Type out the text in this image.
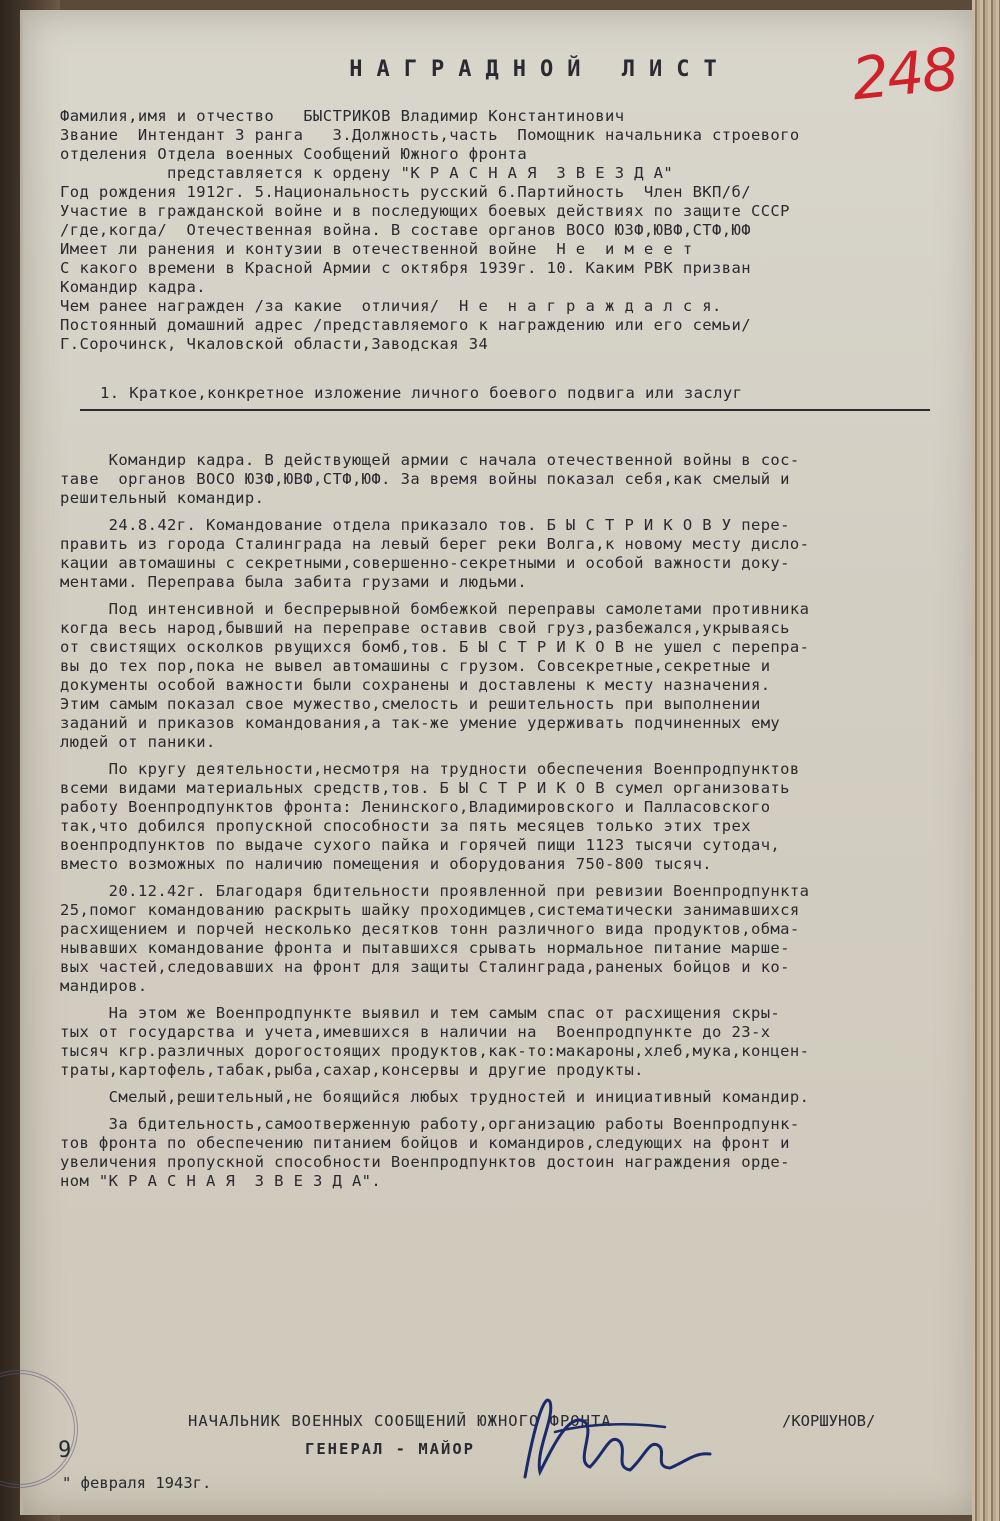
248
НАГРАДНОЙ ЛИСТ
Фамилия,имя и отчество   БЫСТРИКОВ Владимир Константинович
Звание  Интендант 3 ранга   3.Должность,часть  Помощник начальника строевого
отделения Отдела военных Сообщений Южного фронта
представляется к ордену "К Р А С Н А Я  З В Е З Д А"
Год рождения 1912г. 5.Национальность русский 6.Партийность  Член ВКП/б/
Участие в гражданской войне и в последующих боевых действиях по защите СССР
/где,когда/  Отечественная война. В составе органов ВОСО ЮЗФ,ЮВФ,СТФ,ЮФ
Имеет ли ранения и контузии в отечественной войне  Н е  и м е е т
С какого времени в Красной Армии с октября 1939г. 10. Каким РВК призван
Командир кадра.
Чем ранее награжден /за какие  отличия/  Н е  н а г р а ж д а л с я.
Постоянный домашний адрес /представляемого к награждению или его семьи/
Г.Сорочинск, Чкаловской области,Заводская 34
1. Краткое,конкретное изложение личного боевого подвига или заслуг
Командир кадра. В действующей армии с начала отечественной войны в сос-
таве  органов ВОСО ЮЗФ,ЮВФ,СТФ,ЮФ. За время войны показал себя,как смелый и
решительный командир.
24.8.42г. Командование отдела приказало тов. Б Ы С Т Р И К О В У пере-
править из города Сталинграда на левый берег реки Волга,к новому месту дисло-
кации автомашины с секретными,совершенно-секретными и особой важности доку-
ментами. Переправа была забита грузами и людьми.
Под интенсивной и беспрерывной бомбежкой переправы самолетами противника
когда весь народ,бывший на переправе оставив свой груз,разбежался,укрываясь
от свистящих осколков рвущихся бомб,тов. Б Ы С Т Р И К О В не ушел с перепра-
вы до тех пор,пока не вывел автомашины с грузом. Совсекретные,секретные и
документы особой важности были сохранены и доставлены к месту назначения.
Этим самым показал свое мужество,смелость и решительность при выполнении
заданий и приказов командования,а так-же умение удерживать подчиненных ему
людей от паники.
По кругу деятельности,несмотря на трудности обеспечения Военпродпунктов
всеми видами материальных средств,тов. Б Ы С Т Р И К О В сумел организовать
работу Военпродпунктов фронта: Ленинского,Владимировского и Палласовского
так,что добился пропускной способности за пять месяцев только этих трех
военпродпунктов по выдаче сухого пайка и горячей пищи 1123 тысячи сутодач,
вместо возможных по наличию помещения и оборудования 750-800 тысяч.
20.12.42г. Благодаря бдительности проявленной при ревизии Военпродпункта
25,помог командованию раскрыть шайку проходимцев,систематически занимавшихся
расхищением и порчей несколько десятков тонн различного вида продуктов,обма-
нывавших командование фронта и пытавшихся срывать нормальное питание марше-
вых частей,следовавших на фронт для защиты Сталинграда,раненых бойцов и ко-
мандиров.
На этом же Военпродпункте выявил и тем самым спас от расхищения скры-
тых от государства и учета,имевшихся в наличии на  Военпродпункте до 23-х
тысяч кгр.различных дорогостоящих продуктов,как-то:макароны,хлеб,мука,концен-
траты,картофель,табак,рыба,сахар,консервы и другие продукты.
Смелый,решительный,не боящийся любых трудностей и инициативный командир.
За бдительность,самоотверженную работу,организацию работы Военпродпунк-
тов фронта по обеспечению питанием бойцов и командиров,следующих на фронт и
увеличения пропускной способности Военпродпунктов достоин награждения орде-
ном "К Р А С Н А Я  З В Е З Д А".
НАЧАЛЬНИК ВОЕННЫХ СООБЩЕНИЙ ЮЖНОГО ФРОНТА
ГЕНЕРАЛ - МАЙОР
/КОРШУНОВ/
9
" февраля 1943г.
